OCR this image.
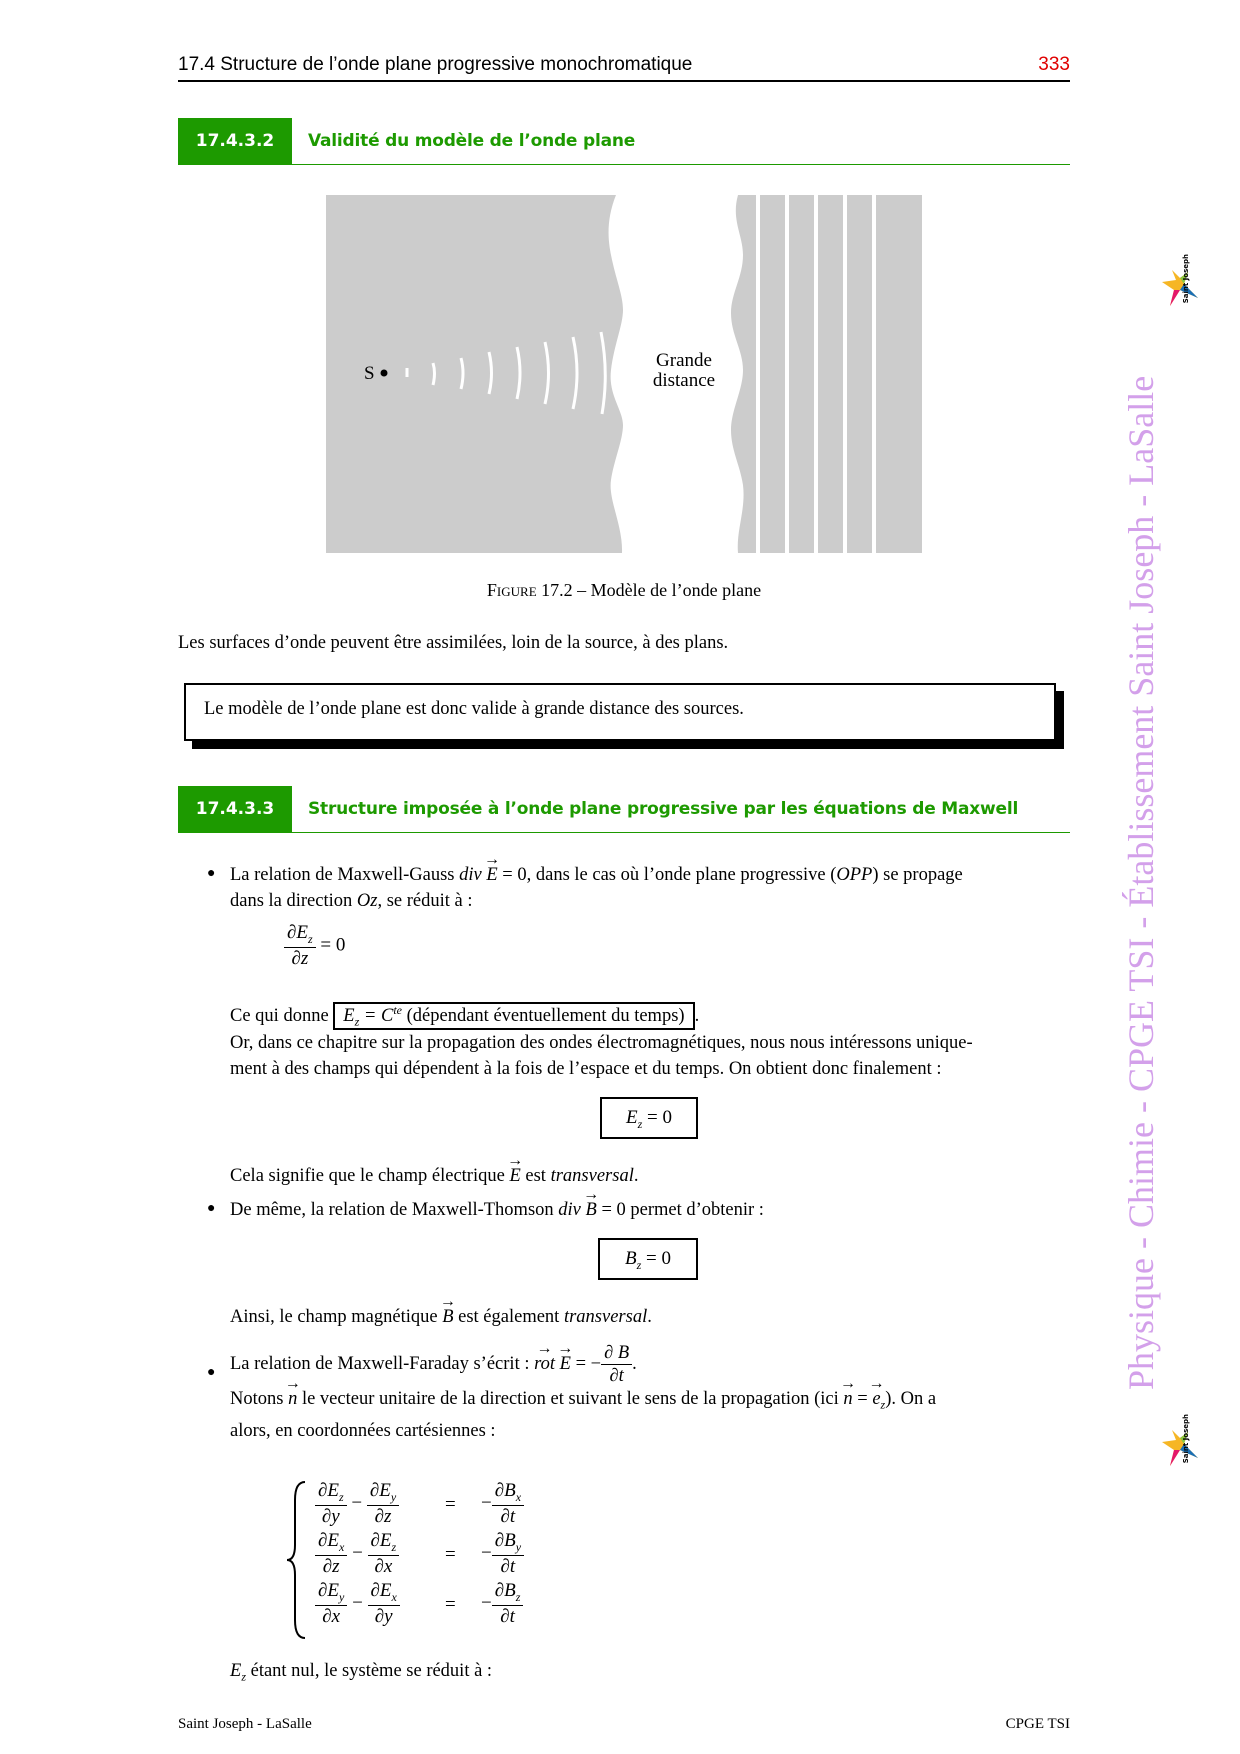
17.4 Structure de l’onde plane progressive monochromatique	333
17.4.3.2	Validité du modèle de l’onde plane
S
Grande
distance
Figure 17.2 – Modèle de l’onde plane
Les surfaces d’onde peuvent être assimilées, loin de la source, à des plans.
Le modèle de l’onde plane est donc valide à grande distance des sources.
17.4.3.3	Structure imposée à l’onde plane progressive par les équations de Maxwell
● La relation de Maxwell-Gauss div → E = 0, dans le cas où l’onde plane progressive (OPP) se propage
dans la direction Oz, se réduit à :
$\frac{\partial E_z}{\partial z} = 0$
Ce qui donne $E_z = C^{te}$ (dépendant éventuellement du temps) .
Or, dans ce chapitre sur la propagation des ondes électromagnétiques, nous nous intéressons unique-
ment à des champs qui dépendent à la fois de l’espace et du temps. On obtient donc finalement :
$E_z = 0$
Cela signifie que le champ électrique → E est transversal.
● De même, la relation de Maxwell-Thomson div → B = 0 permet d’obtenir :
$B_z = 0$
Ainsi, le champ magnétique → B est également transversal.
● La relation de Maxwell-Faraday s’écrit : → rot → E = − $\frac{\partial B}{\partial t}$ .
Notons → n le vecteur unitaire de la direction et suivant le sens de la propagation (ici → n = → $e_z$). On a
alors, en coordonnées cartésiennes :
$\frac{\partial E_z}{\partial y} - \frac{\partial E_y}{\partial z}$ = − $\frac{\partial B_x}{\partial t}$
$\frac{\partial E_x}{\partial z} - \frac{\partial E_z}{\partial x}$ = − $\frac{\partial B_y}{\partial t}$
$\frac{\partial E_y}{\partial x} - \frac{\partial E_x}{\partial y}$ = − $\frac{\partial B_z}{\partial t}$
$E_z$ étant nul, le système se réduit à :
Saint Joseph
Physique - Chimie - CPGE TSI - Établissement Saint Joseph - LaSalle
Saint Joseph
Saint Joseph - LaSalle	CPGE TSI
